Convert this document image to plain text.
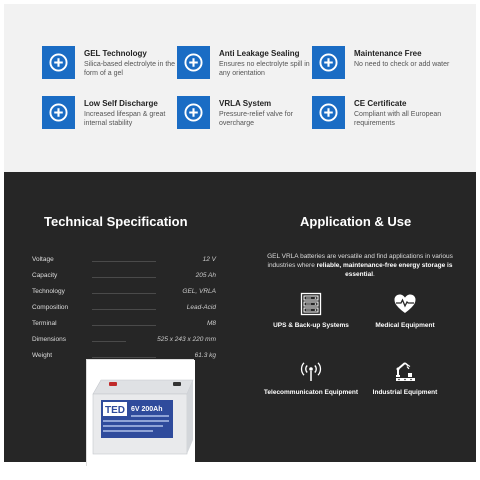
GEL Technology
Silica-based electrolyte in the form of a gel
Anti Leakage Sealing
Ensures no electrolyte spill in any orientation
Maintenance Free
No need to check or add water
Low Self Discharge
Increased lifespan & great internal stability
VRLA System
Pressure-relief valve for overcharge
CE Certificate
Compliant with all European requirements
Technical Specification
Voltage	12 V
Capacity	205 Ah
Technology	GEL, VRLA
Composition	Lead-Acid
Terminal	M8
Dimensions	525 x 243 x 220 mm
Weight	61.3 kg
Application & Use
GEL VRLA batteries are versatile and find applications in various industries where reliable, maintenance-free energy storage is essential.
UPS & Back-up Systems	Medical Equipment
Telecommunicaton Equipment	Industrial Equipment
TED 6V 200Ah
